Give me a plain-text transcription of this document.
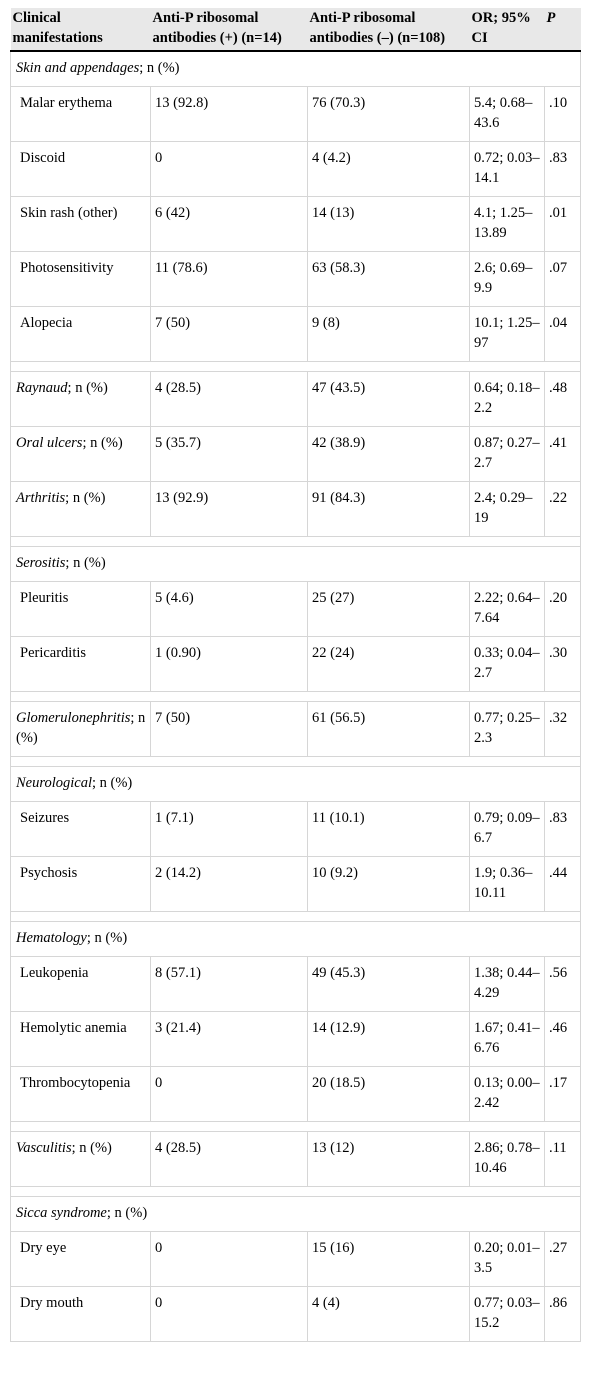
Clinical manifestations	Anti-P ribosomal antibodies (+) (n=14)	Anti-P ribosomal antibodies (–) (n=108)	OR; 95% CI	P
Skin and appendages; n (%)				
Malar erythema	13 (92.8)	76 (70.3)	5.4; 0.68–43.6	.10
Discoid	0	4 (4.2)	0.72; 0.03–14.1	.83
Skin rash (other)	6 (42)	14 (13)	4.1; 1.25–13.89	.01
Photosensitivity	11 (78.6)	63 (58.3)	2.6; 0.69–9.9	.07
Alopecia	7 (50)	9 (8)	10.1; 1.25–97	.04

Raynaud; n (%)	4 (28.5)	47 (43.5)	0.64; 0.18–2.2	.48
Oral ulcers; n (%)	5 (35.7)	42 (38.9)	0.87; 0.27–2.7	.41
Arthritis; n (%)	13 (92.9)	91 (84.3)	2.4; 0.29–19	.22

Serositis; n (%)				
Pleuritis	5 (4.6)	25 (27)	2.22; 0.64–7.64	.20
Pericarditis	1 (0.90)	22 (24)	0.33; 0.04–2.7	.30

Glomerulonephritis; n (%)	7 (50)	61 (56.5)	0.77; 0.25–2.3	.32

Neurological; n (%)				
Seizures	1 (7.1)	11 (10.1)	0.79; 0.09–6.7	.83
Psychosis	2 (14.2)	10 (9.2)	1.9; 0.36–10.11	.44

Hematology; n (%)				
Leukopenia	8 (57.1)	49 (45.3)	1.38; 0.44–4.29	.56
Hemolytic anemia	3 (21.4)	14 (12.9)	1.67; 0.41–6.76	.46
Thrombocytopenia	0	20 (18.5)	0.13; 0.00–2.42	.17

Vasculitis; n (%)	4 (28.5)	13 (12)	2.86; 0.78–10.46	.11

Sicca syndrome; n (%)				
Dry eye	0	15 (16)	0.20; 0.01–3.5	.27
Dry mouth	0	4 (4)	0.77; 0.03–15.2	.86
